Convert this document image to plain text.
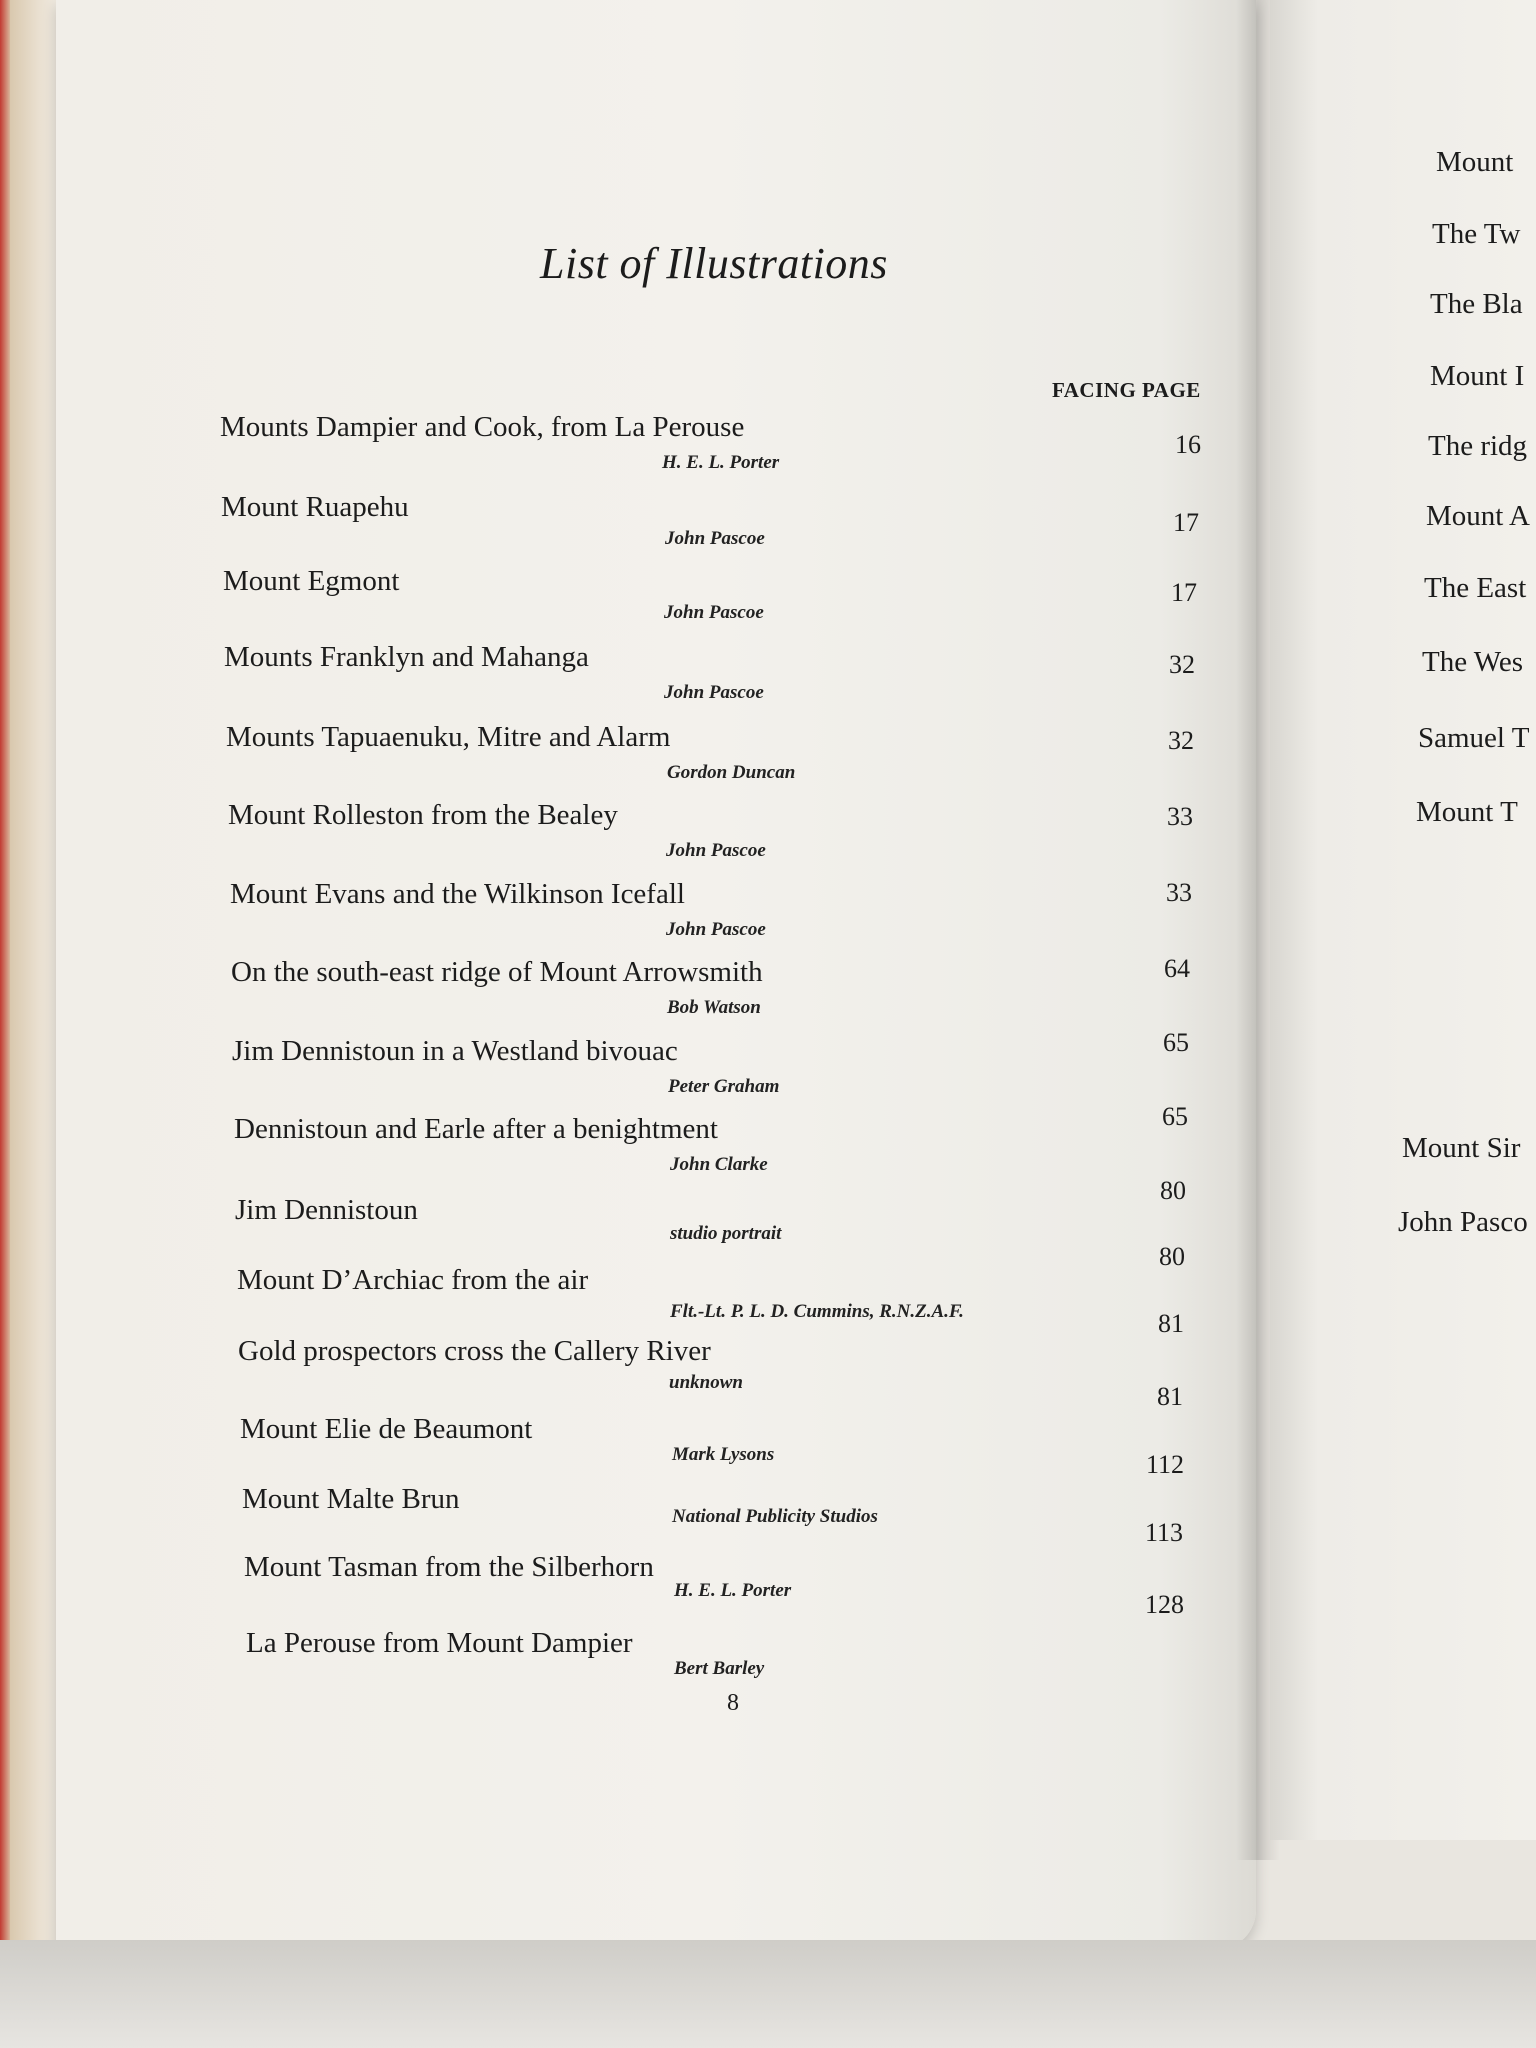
List of Illustrations
FACING PAGE
Mounts Dampier and Cook, from La Perouse
H. E. L. Porter
16
Mount Ruapehu
John Pascoe
17
Mount Egmont
John Pascoe
17
Mounts Franklyn and Mahanga
John Pascoe
32
Mounts Tapuaenuku, Mitre and Alarm
Gordon Duncan
32
Mount Rolleston from the Bealey
John Pascoe
33
Mount Evans and the Wilkinson Icefall
John Pascoe
33
On the south-east ridge of Mount Arrowsmith
Bob Watson
64
Jim Dennistoun in a Westland bivouac
Peter Graham
65
Dennistoun and Earle after a benightment
John Clarke
65
Jim Dennistoun
studio portrait
80
Mount D’Archiac from the air
Flt.-Lt. P. L. D. Cummins, R.N.Z.A.F.
80
Gold prospectors cross the Callery River
unknown
81
Mount Elie de Beaumont
Mark Lysons
81
Mount Malte Brun
National Publicity Studios
112
Mount Tasman from the Silberhorn
H. E. L. Porter
113
La Perouse from Mount Dampier
Bert Barley
128
8
Mount
The Tw
The Bla
Mount I
The ridg
Mount A
The East
The Wes
Samuel T
Mount T
Mount Sir
John Pasco
